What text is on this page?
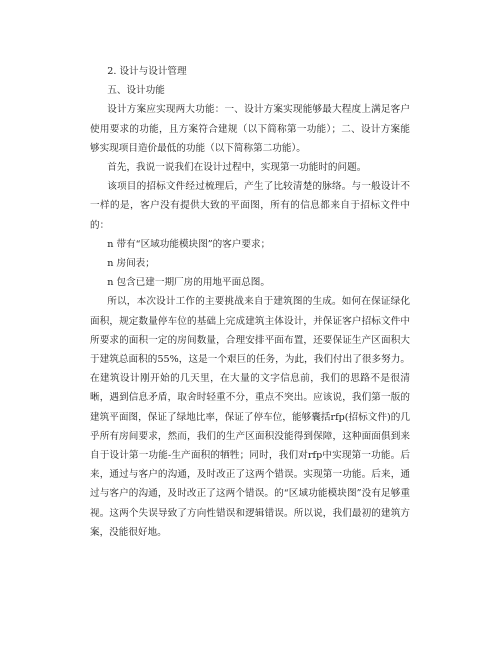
2. 设计与设计管理

五、设计功能

设计方案应实现两大功能：一、设计方案实现能够最大程度上满足客户使用要求的功能，且方案符合建规（以下简称第一功能）；二、设计方案能够实现项目造价最低的功能（以下简称第二功能）。

首先，我说一说我们在设计过程中，实现第一功能时的问题。

该项目的招标文件经过梳理后，产生了比较清楚的脉络。与一般设计不一样的是，客户没有提供大致的平面图，所有的信息都来自于招标文件中的：

n 带有“区域功能模块图”的客户要求；

n 房间表；

n 包含已建一期厂房的用地平面总图。

所以，本次设计工作的主要挑战来自于建筑图的生成。如何在保证绿化面积，规定数量停车位的基础上完成建筑主体设计，并保证客户招标文件中所要求的面积一定的房间数量，合理安排平面布置，还要保证生产区面积大于建筑总面积的55%，这是一个艰巨的任务，为此，我们付出了很多努力。在建筑设计刚开始的几天里，在大量的文字信息前，我们的思路不是很清晰，遇到信息矛盾，取舍时轻重不分，重点不突出。应该说，我们第一版的建筑平面图，保证了绿地比率，保证了停车位，能够囊括rfp(招标文件)的几乎所有房间要求，然而，我们的生产区面积没能得到保障，这种面面俱到来自于设计第一功能-生产面积的牺牲；同时，我们对rfp中实现第一功能。后来，通过与客户的沟通，及时改正了这两个错误。实现第一功能。后来，通过与客户的沟通，及时改正了这两个错误。的“区域功能模块图”没有足够重视。这两个失误导致了方向性错误和逻辑错误。所以说，我们最初的建筑方案，没能很好地。
